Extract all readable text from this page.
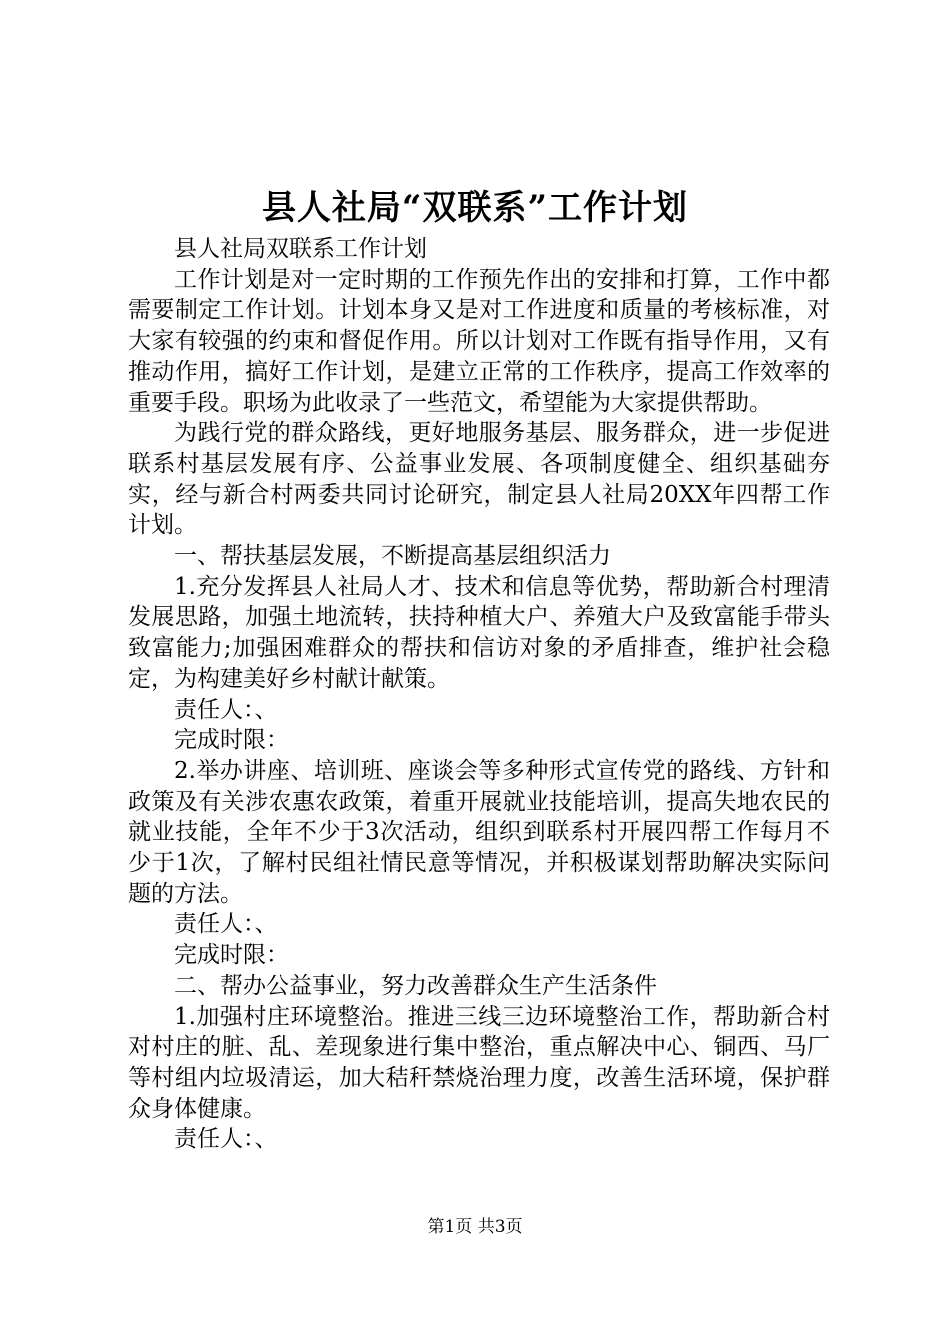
县人社局“双联系”工作计划

县人社局双联系工作计划

工作计划是对一定时期的工作预先作出的安排和打算，工作中都需要制定工作计划。计划本身又是对工作进度和质量的考核标准，对大家有较强的约束和督促作用。所以计划对工作既有指导作用，又有推动作用，搞好工作计划，是建立正常的工作秩序，提高工作效率的重要手段。职场为此收录了一些范文，希望能为大家提供帮助。

为践行党的群众路线，更好地服务基层、服务群众，进一步促进联系村基层发展有序、公益事业发展、各项制度健全、组织基础夯实，经与新合村两委共同讨论研究，制定县人社局20XX年四帮工作计划。

一、帮扶基层发展，不断提高基层组织活力

1.充分发挥县人社局人才、技术和信息等优势，帮助新合村理清发展思路，加强土地流转，扶持种植大户、养殖大户及致富能手带头致富能力;加强困难群众的帮扶和信访对象的矛盾排查，维护社会稳定，为构建美好乡村献计献策。

责任人：、

完成时限：

2.举办讲座、培训班、座谈会等多种形式宣传党的路线、方针和政策及有关涉农惠农政策，着重开展就业技能培训，提高失地农民的就业技能，全年不少于3次活动，组织到联系村开展四帮工作每月不少于1次，了解村民组社情民意等情况，并积极谋划帮助解决实际问题的方法。

责任人：、

完成时限：

二、帮办公益事业，努力改善群众生产生活条件

1.加强村庄环境整治。推进三线三边环境整治工作，帮助新合村对村庄的脏、乱、差现象进行集中整治，重点解决中心、铜西、马厂等村组内垃圾清运，加大秸秆禁烧治理力度，改善生活环境，保护群众身体健康。

责任人：、

第1页 共3页
